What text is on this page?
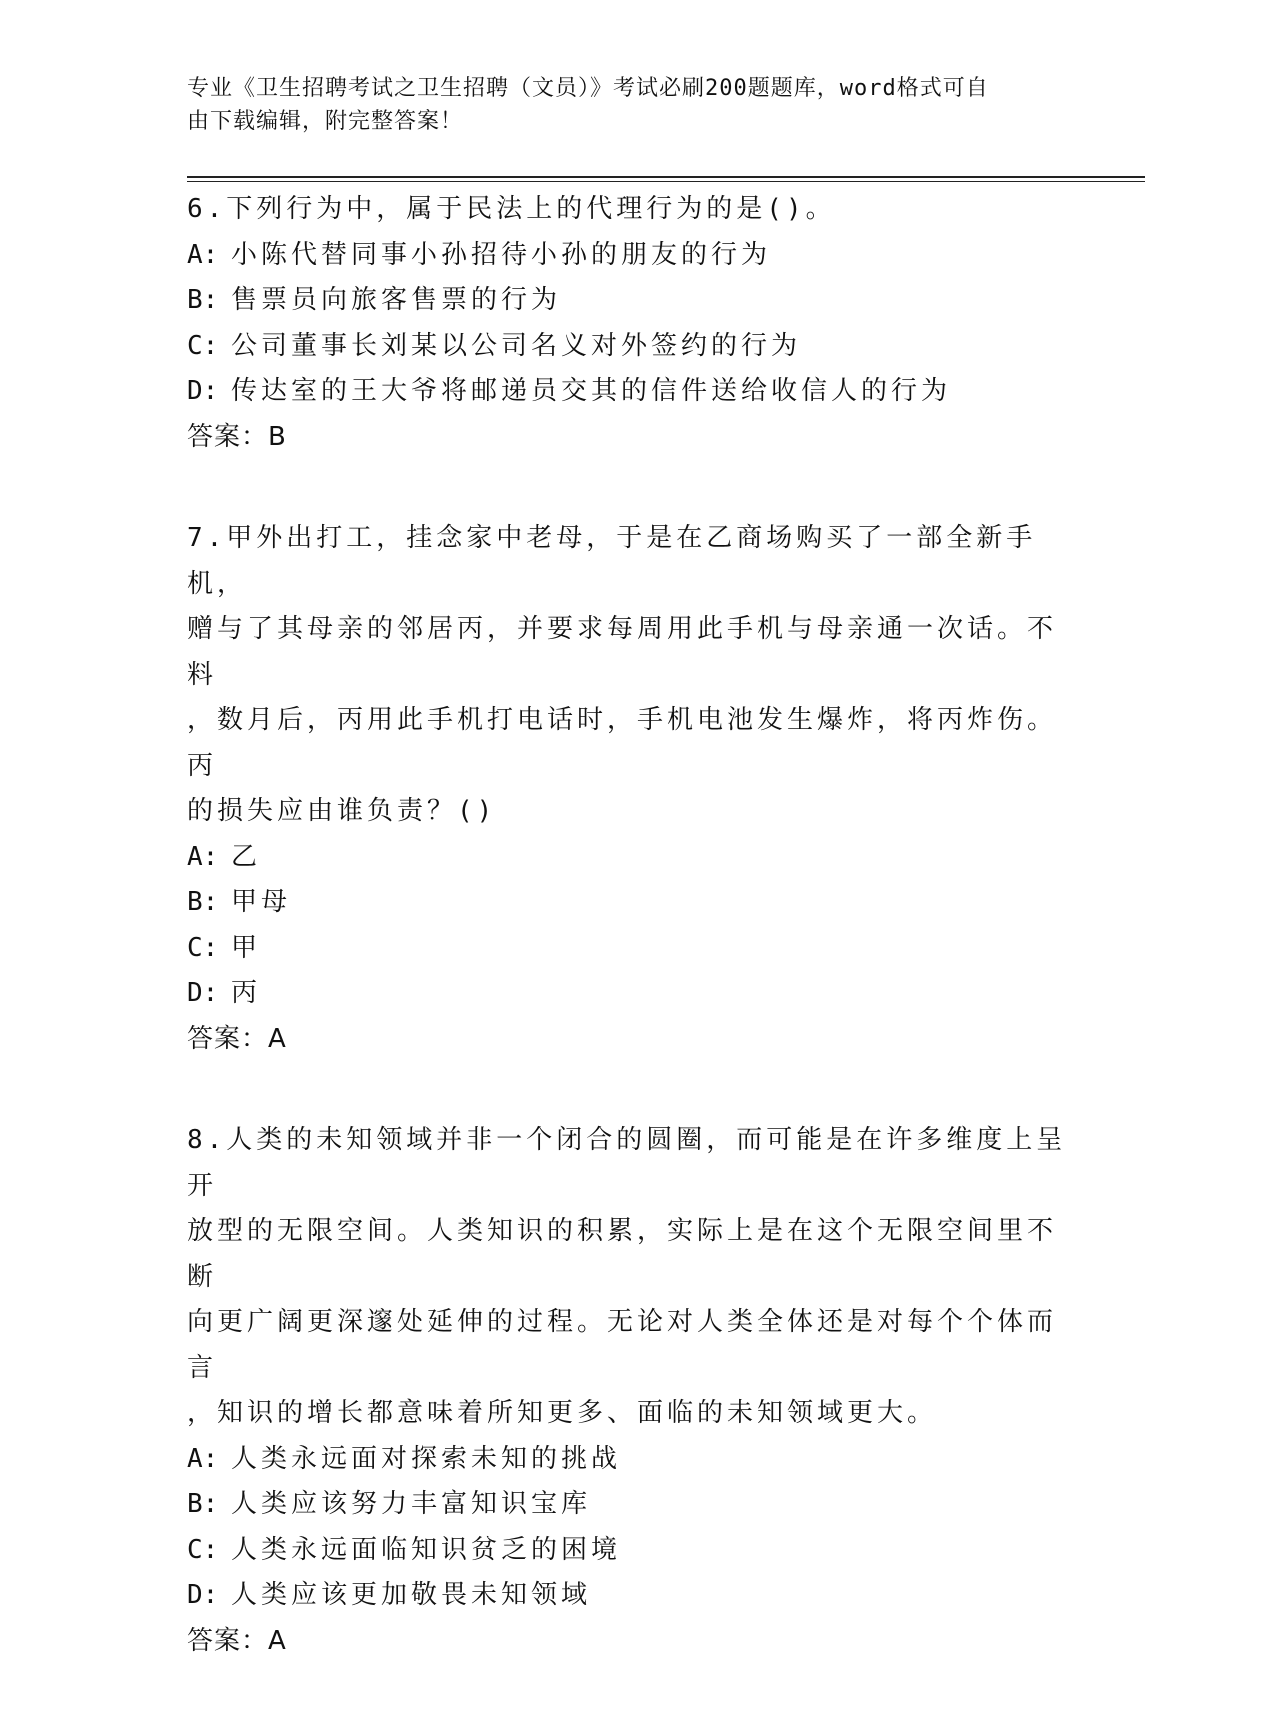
专业《卫生招聘考试之卫生招聘（文员）》考试必刷200题题库，word格式可自
由下载编辑，附完整答案！
6.下列行为中，属于民法上的代理行为的是()。
A: 小陈代替同事小孙招待小孙的朋友的行为
B: 售票员向旅客售票的行为
C: 公司董事长刘某以公司名义对外签约的行为
D: 传达室的王大爷将邮递员交其的信件送给收信人的行为
答案：B
7.甲外出打工，挂念家中老母，于是在乙商场购买了一部全新手机，
赠与了其母亲的邻居丙，并要求每周用此手机与母亲通一次话。不料
，数月后，丙用此手机打电话时，手机电池发生爆炸，将丙炸伤。丙
的损失应由谁负责？()
A: 乙
B: 甲母
C: 甲
D: 丙
答案：A
8.人类的未知领域并非一个闭合的圆圈，而可能是在许多维度上呈开
放型的无限空间。人类知识的积累，实际上是在这个无限空间里不断
向更广阔更深邃处延伸的过程。无论对人类全体还是对每个个体而言
，知识的增长都意味着所知更多、面临的未知领域更大。
A: 人类永远面对探索未知的挑战
B: 人类应该努力丰富知识宝库
C: 人类永远面临知识贫乏的困境
D: 人类应该更加敬畏未知领域
答案：A
